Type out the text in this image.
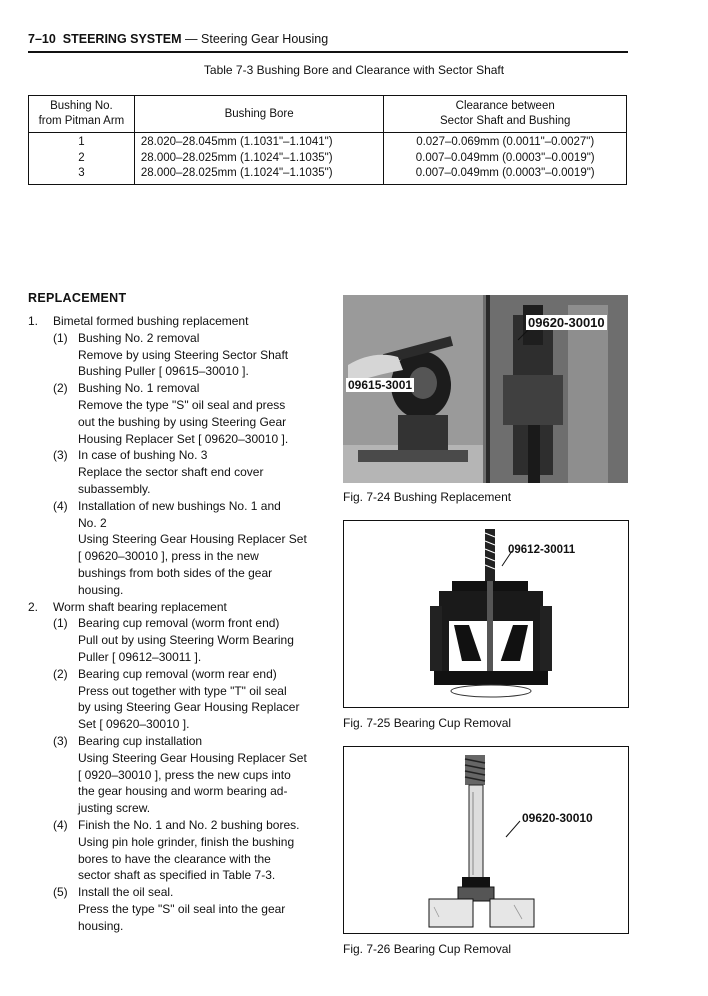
7–10 STEERING SYSTEM — Steering Gear Housing
Table 7-3 Bushing Bore and Clearance with Sector Shaft
Bushing No.
from Pitman Arm	Bushing Bore	Clearance between
Sector Shaft and Bushing
1	28.020–28.045mm (1.1031"–1.1041")	0.027–0.069mm (0.0011"–0.0027")
2	28.000–28.025mm (1.1024"–1.1035")	0.007–0.049mm (0.0003"–0.0019")
3	28.000–28.025mm (1.1024"–1.1035")	0.007–0.049mm (0.0003"–0.0019")
REPLACEMENT
1. Bimetal formed bushing replacement
(1) Bushing No. 2 removal
Remove by using Steering Sector Shaft
Bushing Puller [ 09615–30010 ].
(2) Bushing No. 1 removal
Remove the type "S" oil seal and press
out the bushing by using Steering Gear
Housing Replacer Set [ 09620–30010 ].
(3) In case of bushing No. 3
Replace the sector shaft end cover
subassembly.
(4) Installation of new bushings No. 1 and
No. 2
Using Steering Gear Housing Replacer Set
[ 09620–30010 ], press in the new
bushings from both sides of the gear
housing.
2. Worm shaft bearing replacement
(1) Bearing cup removal (worm front end)
Pull out by using Steering Worm Bearing
Puller [ 09612–30011 ].
(2) Bearing cup removal (worm rear end)
Press out together with type "T" oil seal
by using Steering Gear Housing Replacer
Set [ 09620–30010 ].
(3) Bearing cup installation
Using Steering Gear Housing Replacer Set
[ 0920–30010 ], press the new cups into
the gear housing and worm bearing ad-
justing screw.
(4) Finish the No. 1 and No. 2 bushing bores.
Using pin hole grinder, finish the bushing
bores to have the clearance with the
sector shaft as specified in Table 7-3.
(5) Install the oil seal.
Press the type "S" oil seal into the gear
housing.
09620-30010
09615-3001
Fig. 7-24 Bushing Replacement
09612-30011
Fig. 7-25 Bearing Cup Removal
09620-30010
Fig. 7-26 Bearing Cup Removal
